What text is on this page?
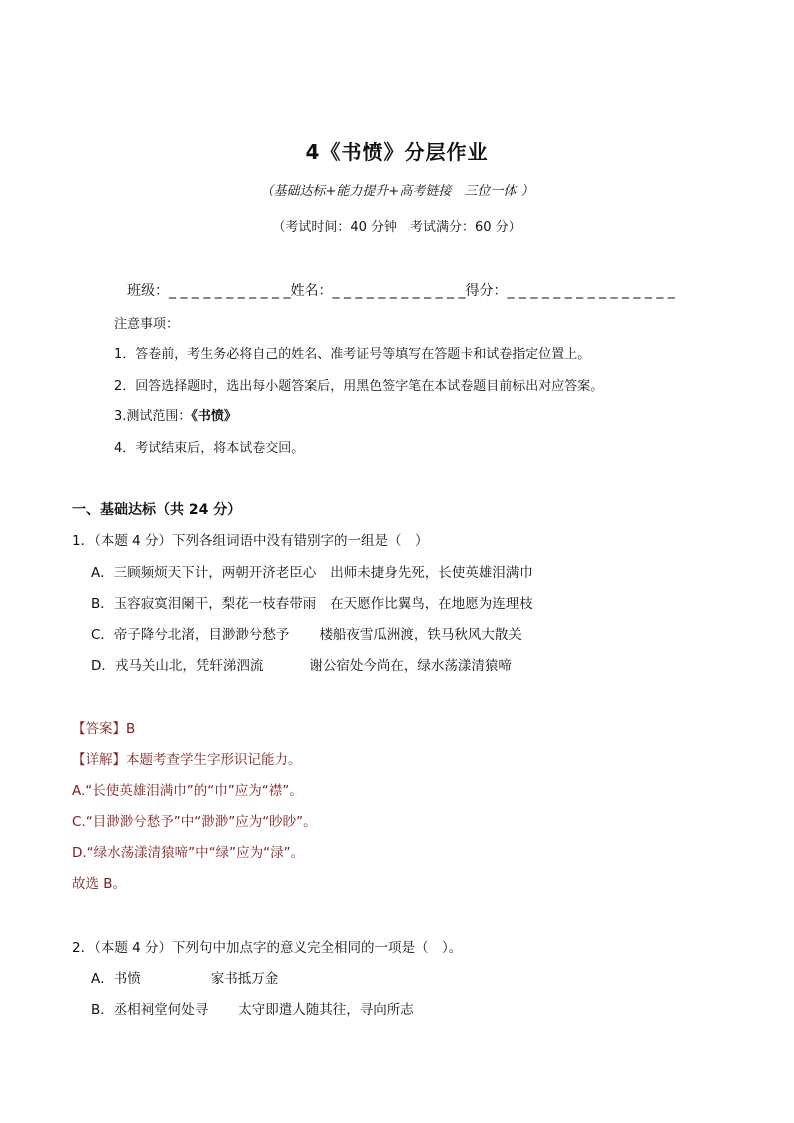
4《书愤》分层作业
（基础达标+能力提升+高考链接　三位一体 ）
（考试时间：40 分钟　考试满分：60 分）
班级：_ _ _ _ _ _ _ _ _ _ _姓名：_ _ _ _ _ _ _ _ _ _ _ _得分：_ _ _ _ _ _ _ _ _ _ _ _ _ _ _
注意事项：
1．答卷前，考生务必将自己的姓名、准考证号等填写在答题卡和试卷指定位置上。
2．回答选择题时，选出每小题答案后，用黑色签字笔在本试卷题目前标出对应答案。
3.测试范围：《书愤》
4．考试结束后，将本试卷交回。
一、基础达标（共 24 分）
1．（本题 4 分）下列各组词语中没有错别字的一组是（　）
A．三顾频烦天下计，两朝开济老臣心 出师未捷身先死，长使英雄泪满巾
B．玉容寂寞泪阑干，梨花一枝春带雨 在天愿作比翼鸟，在地愿为连理枝
C．帝子降兮北渚，目渺渺兮愁予 楼船夜雪瓜洲渡，铁马秋风大散关
D．戎马关山北，凭轩涕泗流	谢公宿处今尚在，绿水荡漾清猿啼
【答案】B
【详解】本题考查学生字形识记能力。
A.“长使英雄泪满巾”的“巾”应为“襟”。
C.“目渺渺兮愁予”中“渺渺”应为“眇眇”。
D.“绿水荡漾清猿啼”中“绿”应为“渌”。
故选 B。
2．（本题 4 分）下列句中加点字的意义完全相同的一项是（　）。
A．书愤	家书抵万金
B．丞相祠堂何处寻 太守即遣人随其往，寻向所志
